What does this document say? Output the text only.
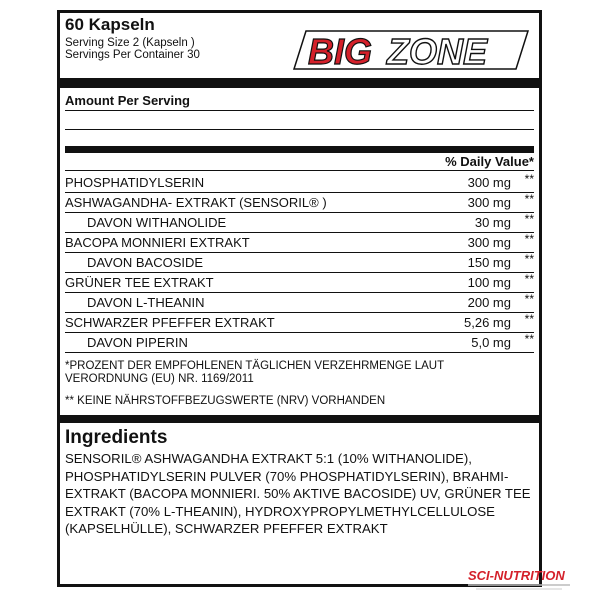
60 Kapseln
Serving Size 2 (Kapseln )
Servings Per Container 30	BIG ZONE
Amount Per Serving
% Daily Value*
PHOSPHATIDYLSERIN	300 mg **
ASHWAGANDHA- EXTRAKT (SENSORIL® )	300 mg **
DAVON WITHANOLIDE	30 mg **
BACOPA MONNIERI EXTRAKT	300 mg **
DAVON BACOSIDE	150 mg **
GRÜNER TEE EXTRAKT	100 mg **
DAVON L-THEANIN	200 mg **
SCHWARZER PFEFFER EXTRAKT	5,26 mg **
DAVON PIPERIN	5,0 mg **
*PROZENT DER EMPFOHLENEN TÄGLICHEN VERZEHRMENGE LAUT
VERORDNUNG (EU) NR. 1169/2011
** KEINE NÄHRSTOFFBEZUGSWERTE (NRV) VORHANDEN
Ingredients
SENSORIL® ASHWAGANDHA EXTRAKT 5:1 (10% WITHANOLIDE), PHOSPHATIDYLSERIN PULVER (70% PHOSPHATIDYLSERIN), BRAHMI- EXTRAKT (BACOPA MONNIERI. 50% AKTIVE BACOSIDE) UV, GRÜNER TEE EXTRAKT (70% L-THEANIN), HYDROXYPROPYLMETHYLCELLULOSE (KAPSELHÜLLE), SCHWARZER PFEFFER EXTRAKT
SCI-NUTRITION
